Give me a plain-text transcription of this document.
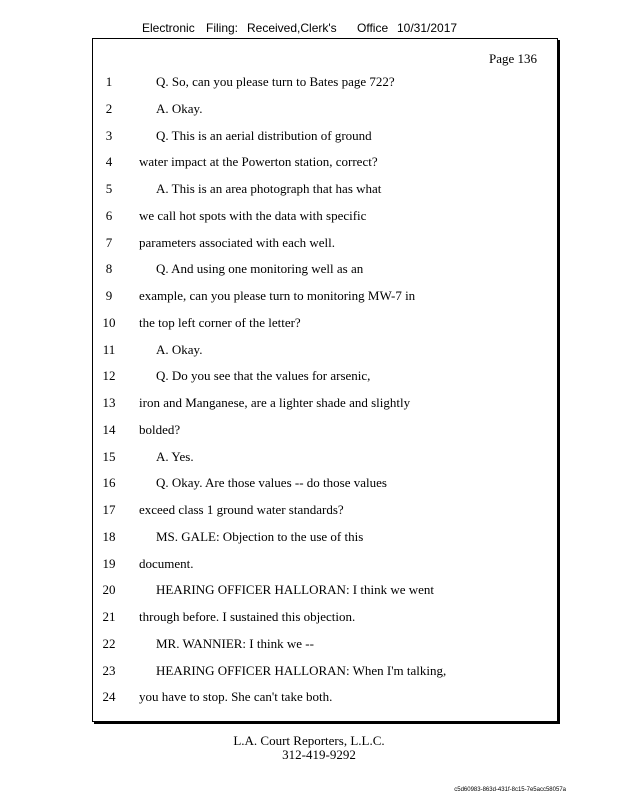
Electronic Filing: Received,Clerk's Office 10/31/2017
Page 136
1	Q. So, can you please turn to Bates page 722?
2	A. Okay.
3	Q. This is an aerial distribution of ground
4	water impact at the Powerton station, correct?
5	A. This is an area photograph that has what
6	we call hot spots with the data with specific
7	parameters associated with each well.
8	Q. And using one monitoring well as an
9	example, can you please turn to monitoring MW-7 in
10	the top left corner of the letter?
11	A. Okay.
12	Q. Do you see that the values for arsenic,
13	iron and Manganese, are a lighter shade and slightly
14	bolded?
15	A. Yes.
16	Q. Okay. Are those values -- do those values
17	exceed class 1 ground water standards?
18	MS. GALE: Objection to the use of this
19	document.
20	HEARING OFFICER HALLORAN: I think we went
21	through before. I sustained this objection.
22	MR. WANNIER: I think we --
23	HEARING OFFICER HALLORAN: When I'm talking,
24	you have to stop. She can't take both.
L.A. Court Reporters, L.L.C.
312-419-9292
c5d60983-863d-431f-8c15-7e5acc58057a
